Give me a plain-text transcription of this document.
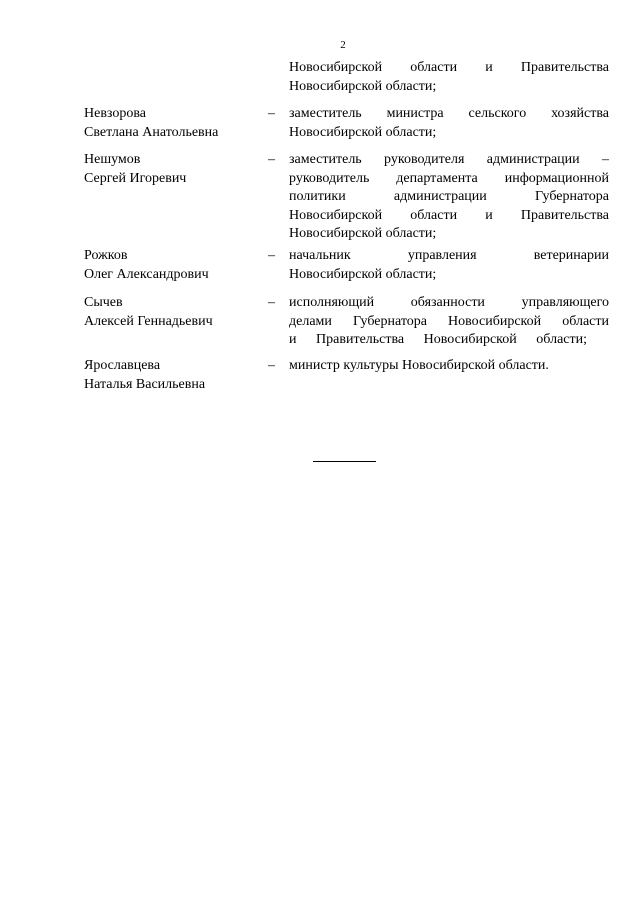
2
Новосибирской области и Правительства
Новосибирской области;
Невзорова
Светлана Анатольевна
– заместитель министра сельского хозяйства
Новосибирской области;
Нешумов
Сергей Игоревич
– заместитель руководителя администрации –
руководитель департамента информационной
политики администрации Губернатора
Новосибирской области и Правительства
Новосибирской области;
Рожков
Олег Александрович
– начальник управления ветеринарии
Новосибирской области;
Сычев
Алексей Геннадьевич
– исполняющий обязанности управляющего
делами Губернатора Новосибирской области
и Правительства Новосибирской области;
Ярославцева
Наталья Васильевна
– министр культуры Новосибирской области.
